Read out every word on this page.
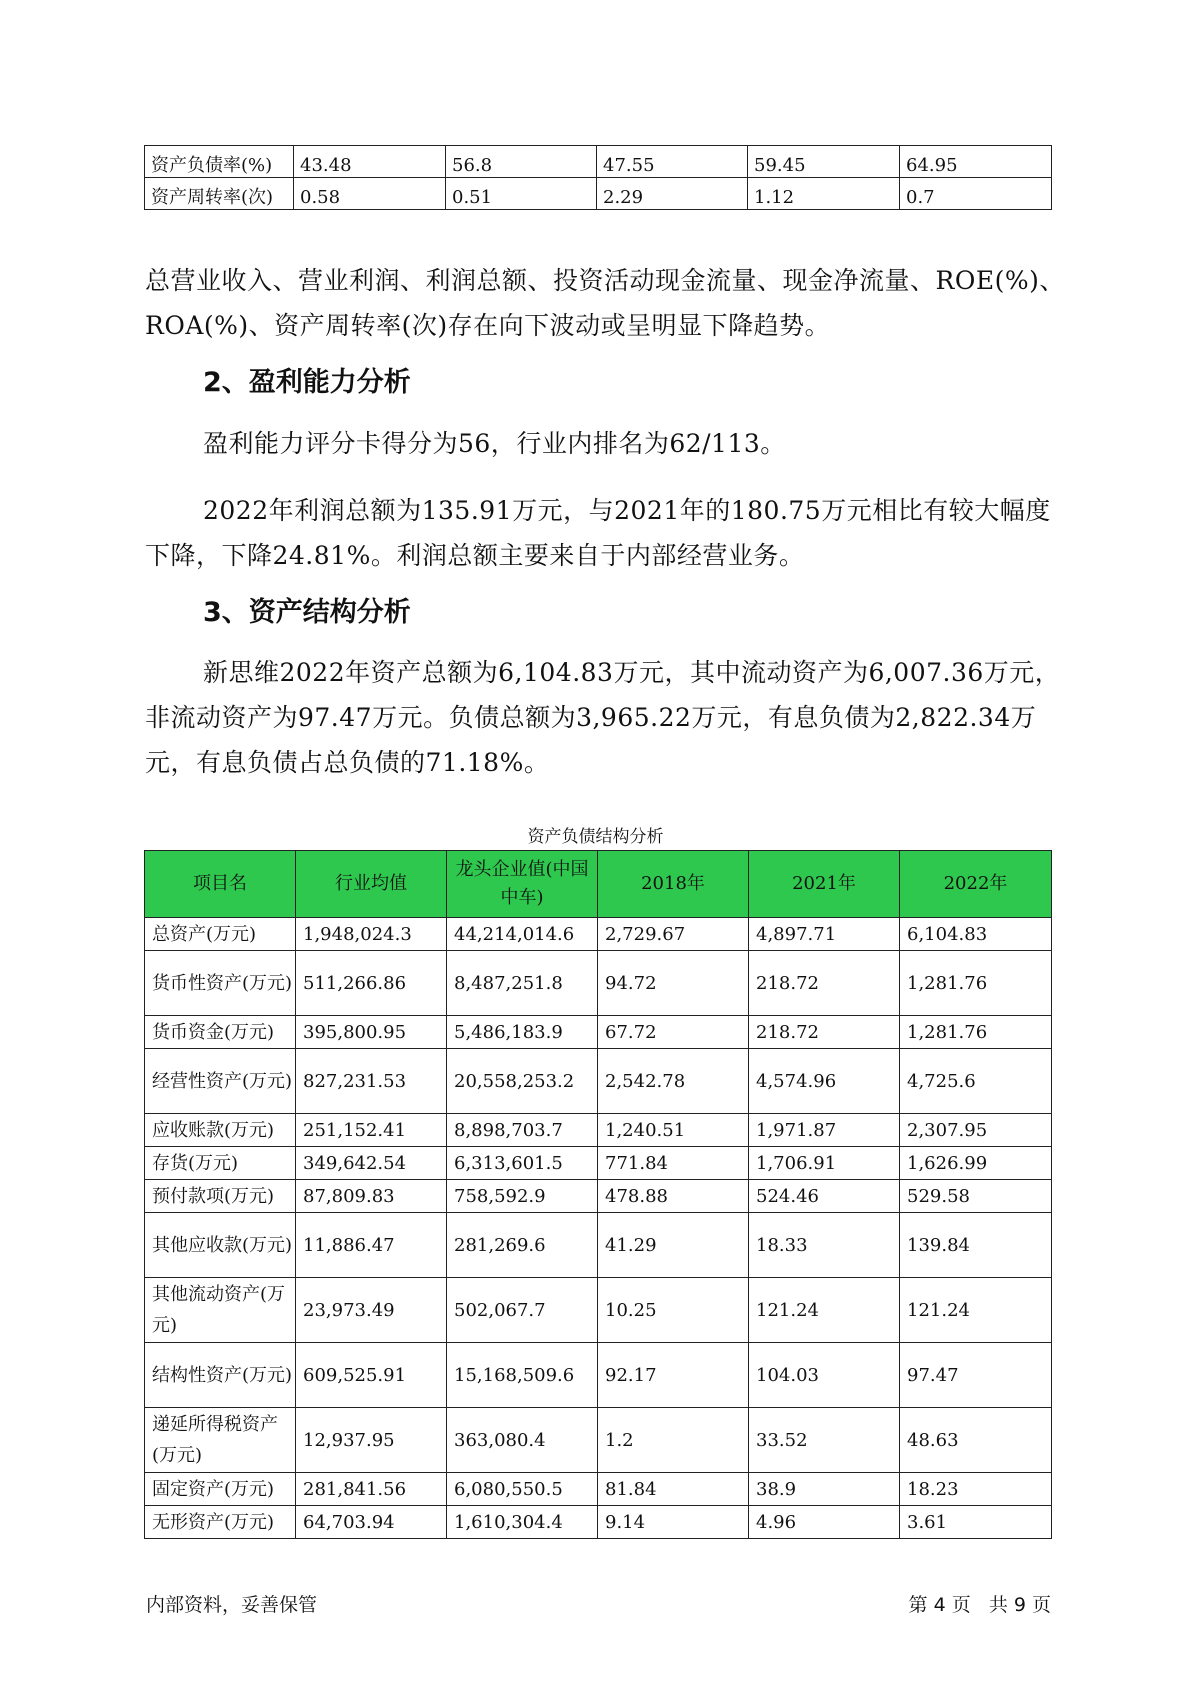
资产负债率(%)	43.48	56.8	47.55	59.45	64.95
资产周转率(次)	0.58	0.51	2.29	1.12	0.7

总营业收入、营业利润、利润总额、投资活动现金流量、现金净流量、ROE(%)、ROA(%)、资产周转率(次)存在向下波动或呈明显下降趋势。

2、盈利能力分析

盈利能力评分卡得分为56，行业内排名为62/113。

2022年利润总额为135.91万元，与2021年的180.75万元相比有较大幅度下降，下降24.81%。利润总额主要来自于内部经营业务。

3、资产结构分析

新思维2022年资产总额为6,104.83万元，其中流动资产为6,007.36万元，非流动资产为97.47万元。负债总额为3,965.22万元，有息负债为2,822.34万元，有息负债占总负债的71.18%。

资产负债结构分析

项目名	行业均值	龙头企业值(中国中车)	2018年	2021年	2022年
总资产(万元)	1,948,024.3	44,214,014.6	2,729.67	4,897.71	6,104.83
货币性资产(万元)	511,266.86	8,487,251.8	94.72	218.72	1,281.76
货币资金(万元)	395,800.95	5,486,183.9	67.72	218.72	1,281.76
经营性资产(万元)	827,231.53	20,558,253.2	2,542.78	4,574.96	4,725.6
应收账款(万元)	251,152.41	8,898,703.7	1,240.51	1,971.87	2,307.95
存货(万元)	349,642.54	6,313,601.5	771.84	1,706.91	1,626.99
预付款项(万元)	87,809.83	758,592.9	478.88	524.46	529.58
其他应收款(万元)	11,886.47	281,269.6	41.29	18.33	139.84
其他流动资产(万元)	23,973.49	502,067.7	10.25	121.24	121.24
结构性资产(万元)	609,525.91	15,168,509.6	92.17	104.03	97.47
递延所得税资产(万元)	12,937.95	363,080.4	1.2	33.52	48.63
固定资产(万元)	281,841.56	6,080,550.5	81.84	38.9	18.23
无形资产(万元)	64,703.94	1,610,304.4	9.14	4.96	3.61

内部资料，妥善保管	第 4 页   共 9 页
